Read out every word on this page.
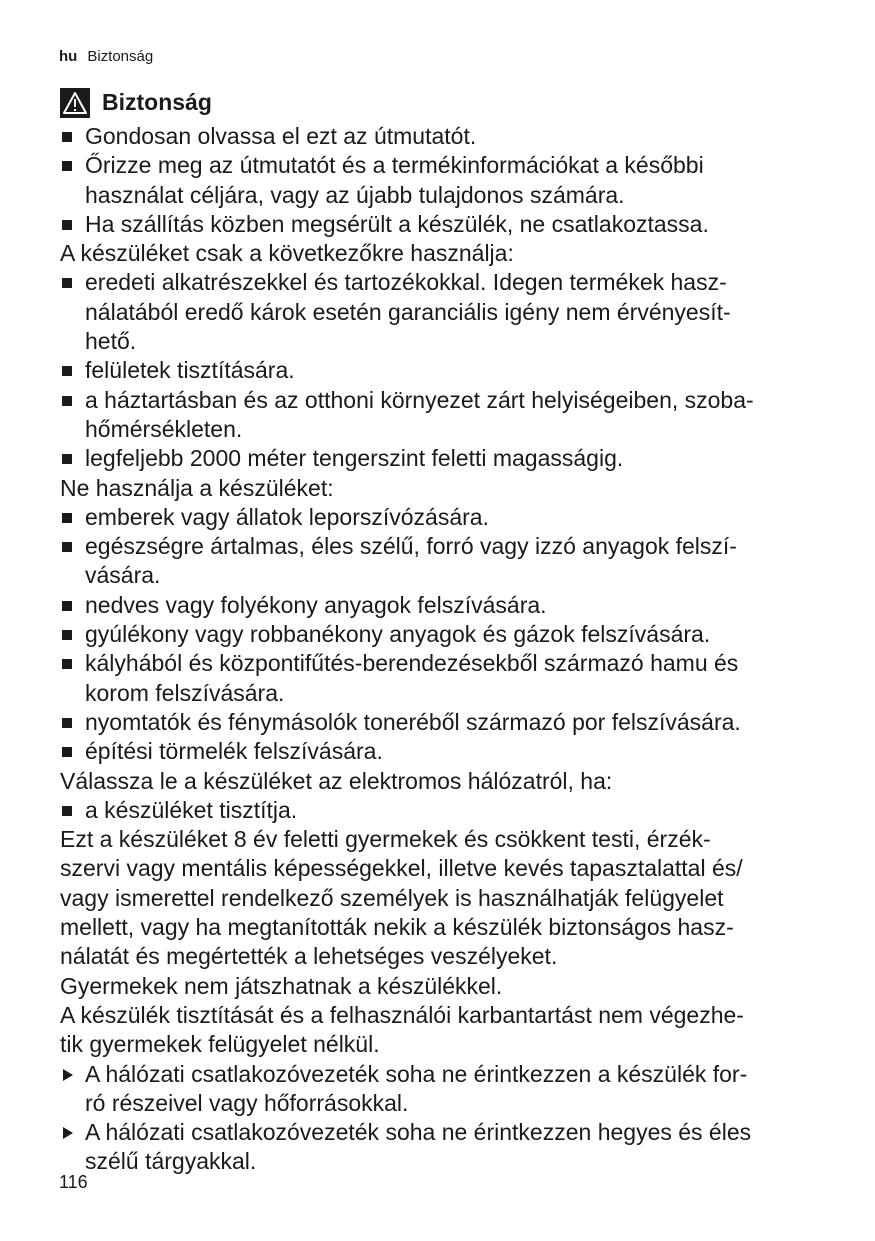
hu Biztonság
Biztonság
Gondosan olvassa el ezt az útmutatót.
Őrizze meg az útmutatót és a termékinformációkat a későbbi
használat céljára, vagy az újabb tulajdonos számára.
Ha szállítás közben megsérült a készülék, ne csatlakoztassa.
A készüléket csak a következőkre használja:
eredeti alkatrészekkel és tartozékokkal. Idegen termékek hasz-
nálatából eredő károk esetén garanciális igény nem érvényesít-
hető.
felületek tisztítására.
a háztartásban és az otthoni környezet zárt helyiségeiben, szoba-
hőmérsékleten.
legfeljebb 2000 méter tengerszint feletti magasságig.
Ne használja a készüléket:
emberek vagy állatok leporszívózására.
egészségre ártalmas, éles szélű, forró vagy izzó anyagok felszí-
vására.
nedves vagy folyékony anyagok felszívására.
gyúlékony vagy robbanékony anyagok és gázok felszívására.
kályhából és központifűtés-berendezésekből származó hamu és
korom felszívására.
nyomtatók és fénymásolók toneréből származó por felszívására.
építési törmelék felszívására.
Válassza le a készüléket az elektromos hálózatról, ha:
a készüléket tisztítja.
Ezt a készüléket 8 év feletti gyermekek és csökkent testi, érzék-
szervi vagy mentális képességekkel, illetve kevés tapasztalattal és/
vagy ismerettel rendelkező személyek is használhatják felügyelet
mellett, vagy ha megtanították nekik a készülék biztonságos hasz-
nálatát és megértették a lehetséges veszélyeket.
Gyermekek nem játszhatnak a készülékkel.
A készülék tisztítását és a felhasználói karbantartást nem végezhe-
tik gyermekek felügyelet nélkül.
A hálózati csatlakozóvezeték soha ne érintkezzen a készülék for-
ró részeivel vagy hőforrásokkal.
A hálózati csatlakozóvezeték soha ne érintkezzen hegyes és éles
szélű tárgyakkal.
116
